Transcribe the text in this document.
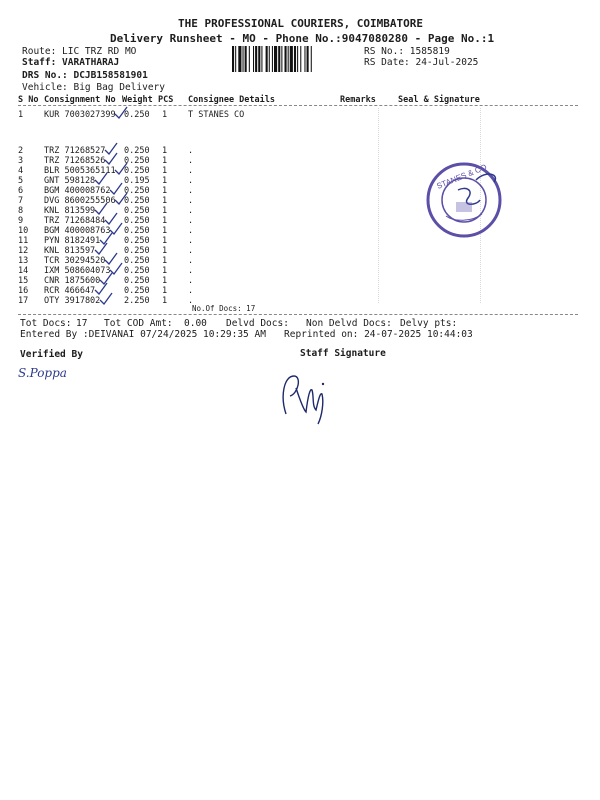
THE PROFESSIONAL COURIERS, COIMBATORE
Delivery Runsheet - MO - Phone No.:9047080280 - Page No.:1
Route: LIC TRZ RD MO
Staff: VARATHARAJ
DRS No.: DCJB158581901
Vehicle: Big Bag Delivery
RS No.: 1585819
RS Date: 24-Jul-2025
S No Consignment No Weight PCS Consignee Details	Remarks	Seal & Signature
1 KUR 7003027399 0.250 1 T STANES CO
2 TRZ 71268527 0.250 1 .
3 TRZ 71268526 0.250 1 .
4 BLR 5005365111 0.250 1 .
5 GNT 598128	0.195 1 .
6 BGM 400008762 0.250 1 .
7 DVG 8600255506 0.250 1 .
8 KNL 813599	0.250 1 .
9 TRZ 71268484 0.250 1 .
10 BGM 400008763 0.250 1 .
11 PYN 8182491	0.250 1 .
12 KNL 813597	0.250 1 .
13 TCR 30294520 0.250 1 .
14 IXM 508604073 0.250 1 .
15 CNR 1875600	0.250 1 .
16 RCR 466647	0.250 1 .
17 OTY 3917802	2.250 1 .
No.Of Docs: 17
Tot Docs: 17 Tot COD Amt: 0.00 Delvd Docs: Non Delvd Docs: Delvy pts:
Entered By :DEIVANAI 07/24/2025 10:29:35 AM Reprinted on: 24-07-2025 10:44:03
Verified By	Staff Signature
S.Poppa
STANES & CO
